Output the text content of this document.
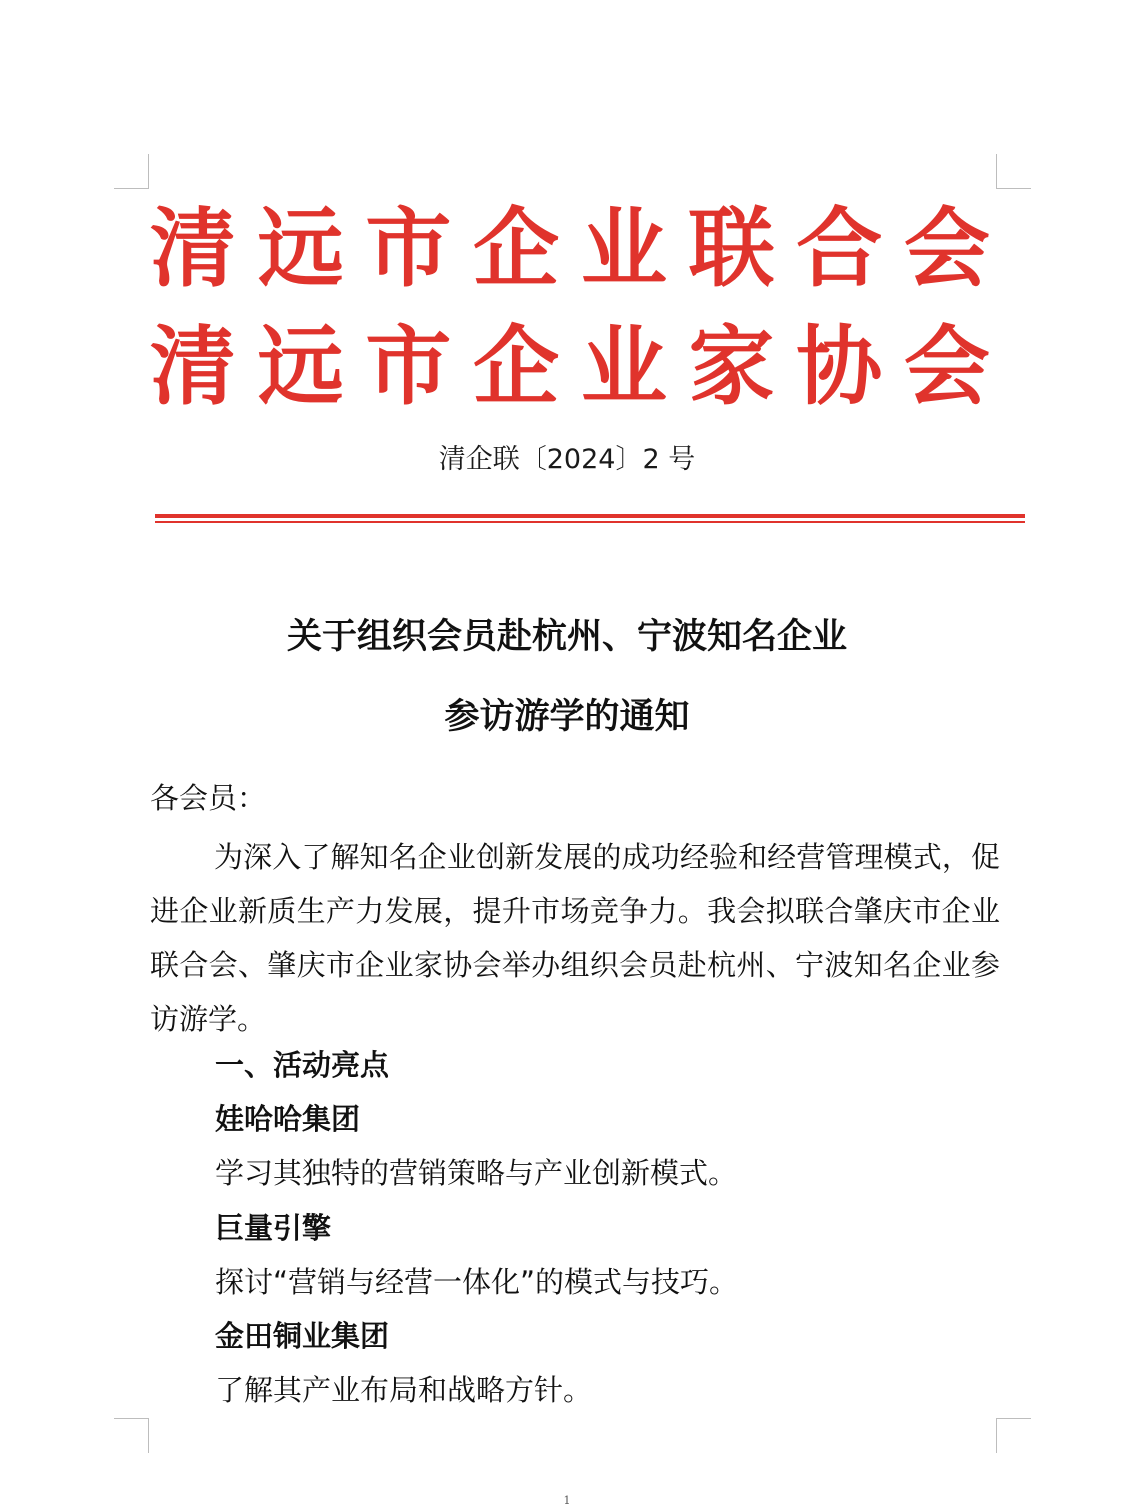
清 远 市 企 业 联 合 会
清 远 市 企 业 家 协 会
清企联〔2024〕2 号
关于组织会员赴杭州、宁波知名企业
参访游学的通知
各会员：
为深入了解知名企业创新发展的成功经验和经营管理模式，促进企业新质生产力发展，提升市场竞争力。我会拟联合肇庆市企业联合会、肇庆市企业家协会举办组织会员赴杭州、宁波知名企业参访游学。
一、活动亮点
娃哈哈集团
学习其独特的营销策略与产业创新模式。
巨量引擎
探讨“营销与经营一体化”的模式与技巧。
金田铜业集团
了解其产业布局和战略方针。
1
